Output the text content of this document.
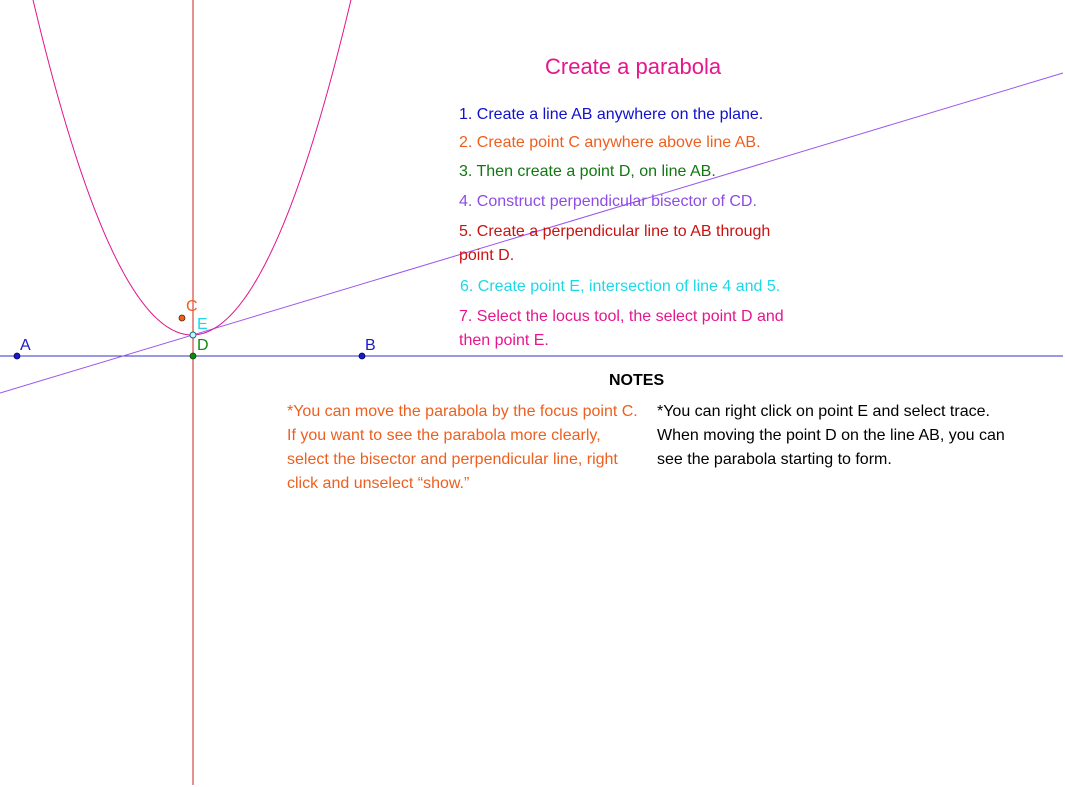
A	B
C
D
E
Create a parabola
1. Create a line AB anywhere on the plane.
2. Create point C anywhere above line AB.
3. Then create a point D, on line AB.
4. Construct perpendicular bisector of CD.
5. Create a perpendicular line to AB through point D.
6. Create point E, intersection of line 4 and 5.
7. Select the locus tool, the select point D and then point E.
NOTES
*You can move the parabola by the focus point C. If you want to see the parabola more clearly, select the bisector and perpendicular line, right click and unselect “show.”
*You can right click on point E and select trace. When moving the point D on the line AB, you can see the parabola starting to form.
